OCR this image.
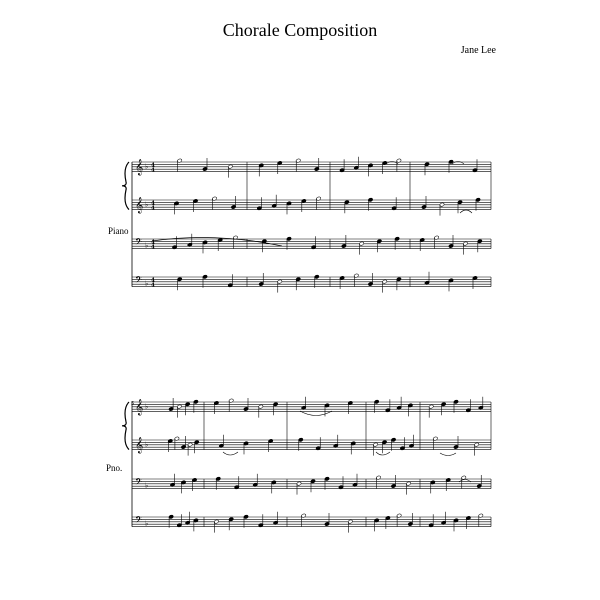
Chorale Composition
Jane Lee
Piano
Pno.
5
𝄞 ♭ 4
4
𝄞 ♭ 4
4
𝄢 ♭ 4
4
𝄢 ♭ 4
4
𝄞 ♭
𝄞 ♭
𝄢 ♭
𝄢 ♭
